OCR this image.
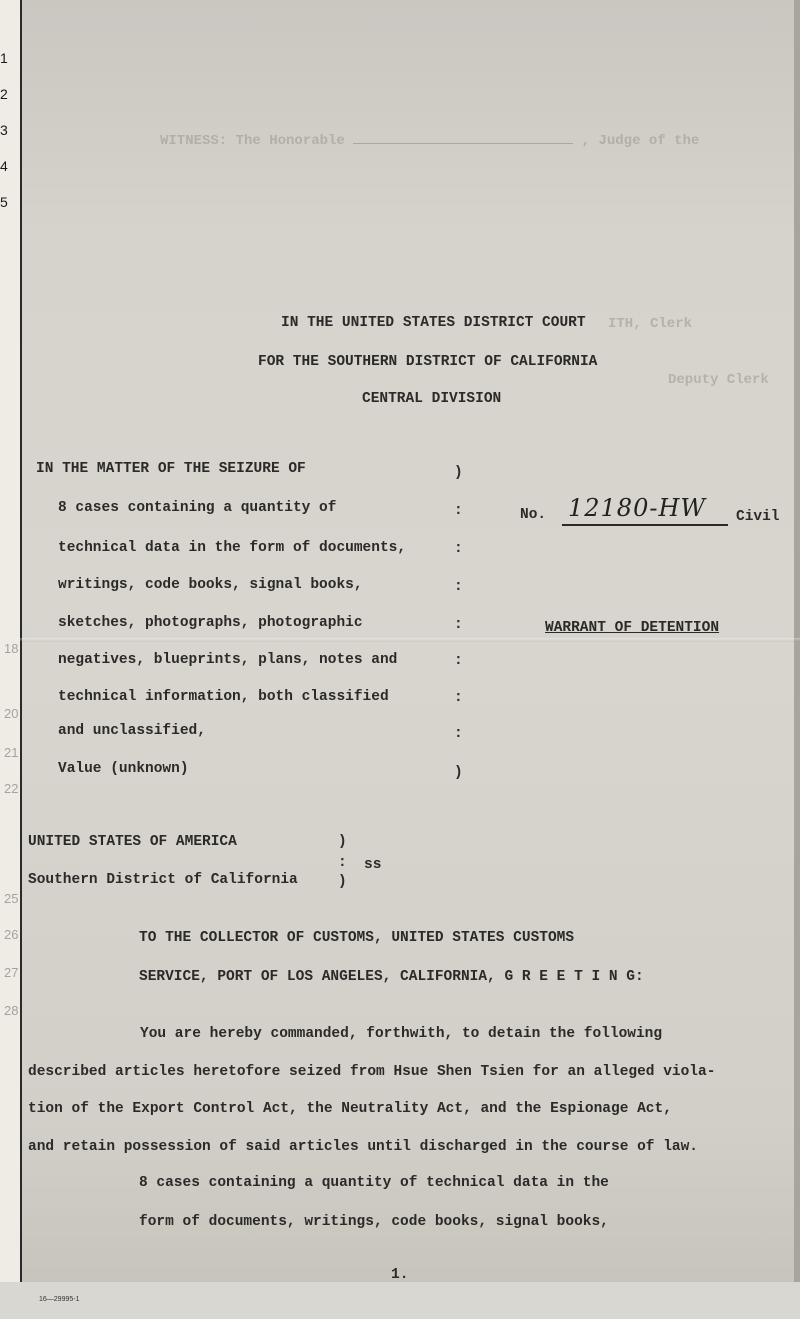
1
2
3
4
5
18
20
21
22
25
26
27
28
WITNESS: The Honorable	, Judge of the
ITH, Clerk
Deputy Clerk
IN THE UNITED STATES DISTRICT COURT
FOR THE SOUTHERN DISTRICT OF CALIFORNIA
CENTRAL DIVISION
IN THE MATTER OF THE SEIZURE OF
8 cases containing a quantity of
technical data in the form of documents,
writings, code books, signal books,
sketches, photographs, photographic
negatives, blueprints, plans, notes and
technical information, both classified
and unclassified,
Value (unknown)
)
:
:
:
:
:
:
:
)
No. 12180-HW Civil
WARRANT OF DETENTION
UNITED STATES OF AMERICA
Southern District of California
)
:
)
ss
TO THE COLLECTOR OF CUSTOMS, UNITED STATES CUSTOMS
SERVICE, PORT OF LOS ANGELES, CALIFORNIA, G R E E T I N G:
You are hereby commanded, forthwith, to detain the following
described articles heretofore seized from Hsue Shen Tsien for an alleged viola-
tion of the Export Control Act, the Neutrality Act, and the Espionage Act,
and retain possession of said articles until discharged in the course of law.
8 cases containing a quantity of technical data in the
form of documents, writings, code books, signal books,
1.
16—29995-1
